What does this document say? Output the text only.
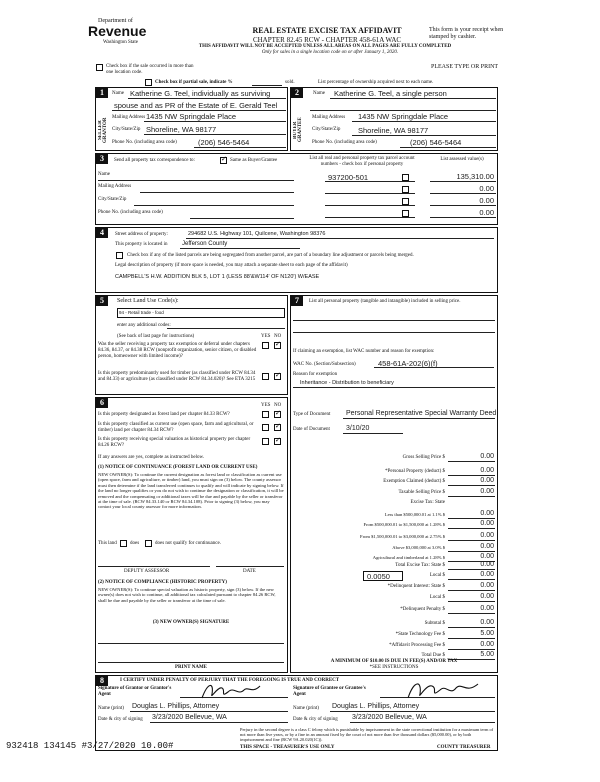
Department of
Revenue
Washington State
REAL ESTATE EXCISE TAX AFFIDAVIT
CHAPTER 82.45 RCW - CHAPTER 458-61A WAC
THIS AFFIDAVIT WILL NOT BE ACCEPTED UNLESS ALL AREAS ON ALL PAGES ARE FULLY COMPLETED
Only for sales in a single location code on or after January 1, 2020.
This form is your receipt when stamped by cashier.
PLEASE TYPE OR PRINT
Check box if the sale occurred in more than one location code.
Check box if partial sale, indicate %	sold.	List percentage of ownership acquired next to each name.
1
SELLER GRANTOR
Name Katherine G. Teel, individually as surviving
spouse and as PR of the Estate of E. Gerald Teel
Mailing Address 1435 NW Springdale Place
City/State/Zip Shoreline, WA 98177
Phone No. (including area code)	(206) 546-5464
2
BUYER GRANTEE
Name Katherine G. Teel, a single person
Mailing Address 1435 NW Springdale Place
City/State/Zip Shoreline, WA 98177
Phone No. (including area code)	(206) 546-5464
3	Send all property tax correspondence to:
✓	Same as Buyer/Grantee
Name
Mailing Address
City/State/Zip
Phone No. (including area code)
List all real and personal property tax parcel account numbers - check box if personal property
List assessed value(s)
937200-501	135,310.00
0.00
0.00
0.00
4	Street address of property:	294682 U.S. Highway 101, Quilcene, Washington 98376
This property is located in Jefferson County
Check box if any of the listed parcels are being segregated from another parcel, are part of a boundary line adjustment or parcels being merged.
Legal description of property (if more space is needed, you may attach a separate sheet to each page of the affidavit)
CAMPBELL'S H.W. ADDITION BLK 5, LOT 1 (LESS 88'&W114' OF N120') W/EASE
5	Select Land Use Code(s):
94 - Retail trade - food
enter any additional codes:
(See back of last page for instructions)	YES NO
Was the seller receiving a property tax exemption or deferral under chapters 84.36, 84.37, or 84.38 RCW (nonprofit organization, senior citizen, or disabled person, homeowner with limited income)?
✓
Is this property predominantly used for timber (as classified under RCW 84.34 and 84.33) or agriculture (as classified under RCW 84.34.020)? See ETA 3215
✓
6	YES NO
Is this property designated as forest land per chapter 84.33 RCW?
✓
Is this property classified as current use (open space, farm and agricultural, or timber) land per chapter 84.34 RCW?
✓
Is this property receiving special valuation as historical property per chapter 84.26 RCW?
✓
If any answers are yes, complete as instructed below.
(1) NOTICE OF CONTINUANCE (FOREST LAND OR CURRENT USE)
NEW OWNER(S): To continue the current designation as forest land or classification as current use (open space, farm and agriculture, or timber) land, you must sign on (3) below. The county assessor must then determine if the land transferred continues to qualify and will indicate by signing below. If the land no longer qualifies or you do not wish to continue the designation or classification, it will be removed and the compensating or additional taxes will be due and payable by the seller or transferor at the time of sale. (RCW 84.33.140 or RCW 84.34.108). Prior to signing (3) below, you may contact your local county assessor for more information.
This land	does	does not qualify for continuance.
DEPUTY ASSESSOR	DATE
(2) NOTICE OF COMPLIANCE (HISTORIC PROPERTY)
NEW OWNER(S): To continue special valuation as historic property, sign (3) below. If the new owner(s) does not wish to continue, all additional tax calculated pursuant to chapter 84.26 RCW, shall be due and payable by the seller or transferor at the time of sale.
(3) NEW OWNER(S) SIGNATURE
PRINT NAME
7	List all personal property (tangible and intangible) included in selling price.
If claiming an exemption, list WAC number and reason for exemption:
WAC No. (Section/Subsection)	458-61A-202(6)(f)
Reason for exemption
Inheritance - Distribution to beneficiary
Type of Document Personal Representative Special Warranty Deed
Date of Document 3/10/20
Gross Selling Price $	0.00
*Personal Property (deduct) $	0.00
Exemption Claimed (deduct) $	0.00
Taxable Selling Price $	0.00
Excise Tax: State
Less than $500,000.01 at 1.1% $	0.00
From $500,000.01 to $1,500,000 at 1.28% $	0.00
From $1,500,000.01 to $3,000,000 at 2.75% $	0.00
Above $3,000,000 at 3.0% $	0.00
Agricultural and timberland at 1.28% $	0.00
Total Excise Tax: State $	0.00
Local $	0.00
*Delinquent Interest: State $	0.00
Local $	0.00
*Delinquent Penalty $	0.00
Subtotal $	0.00
*State Technology Fee $	5.00
*Affidavit Processing Fee $	0.00
Total Due $	5.00
0.0050
A MINIMUM OF $10.00 IS DUE IN FEE(S) AND/OR TAX
*SEE INSTRUCTIONS
8	I CERTIFY UNDER PENALTY OF PERJURY THAT THE FOREGOING IS TRUE AND CORRECT
Signature of Grantor or Grantor's Agent
Signature of Grantee or Grantee's Agent
Name (print) Douglas L. Phillips, Attorney	Name (print) Douglas L. Phillips, Attorney
Date & city of signing 3/23/2020 Bellevue, WA	Date & city of signing 3/23/2020 Bellevue, WA
Perjury in the second degree is a class C felony which is punishable by imprisonment in the state correctional institution for a maximum term of not more than five years, or by a fine in an amount fixed by the court of not more than five thousand dollars ($5,000.00), or by both imprisonment and fine (RCW 9A.20.020(1C)).
THIS SPACE - TREASURER'S USE ONLY	COUNTY TREASURER
932418 134145 #3/27/2020 10.00#
